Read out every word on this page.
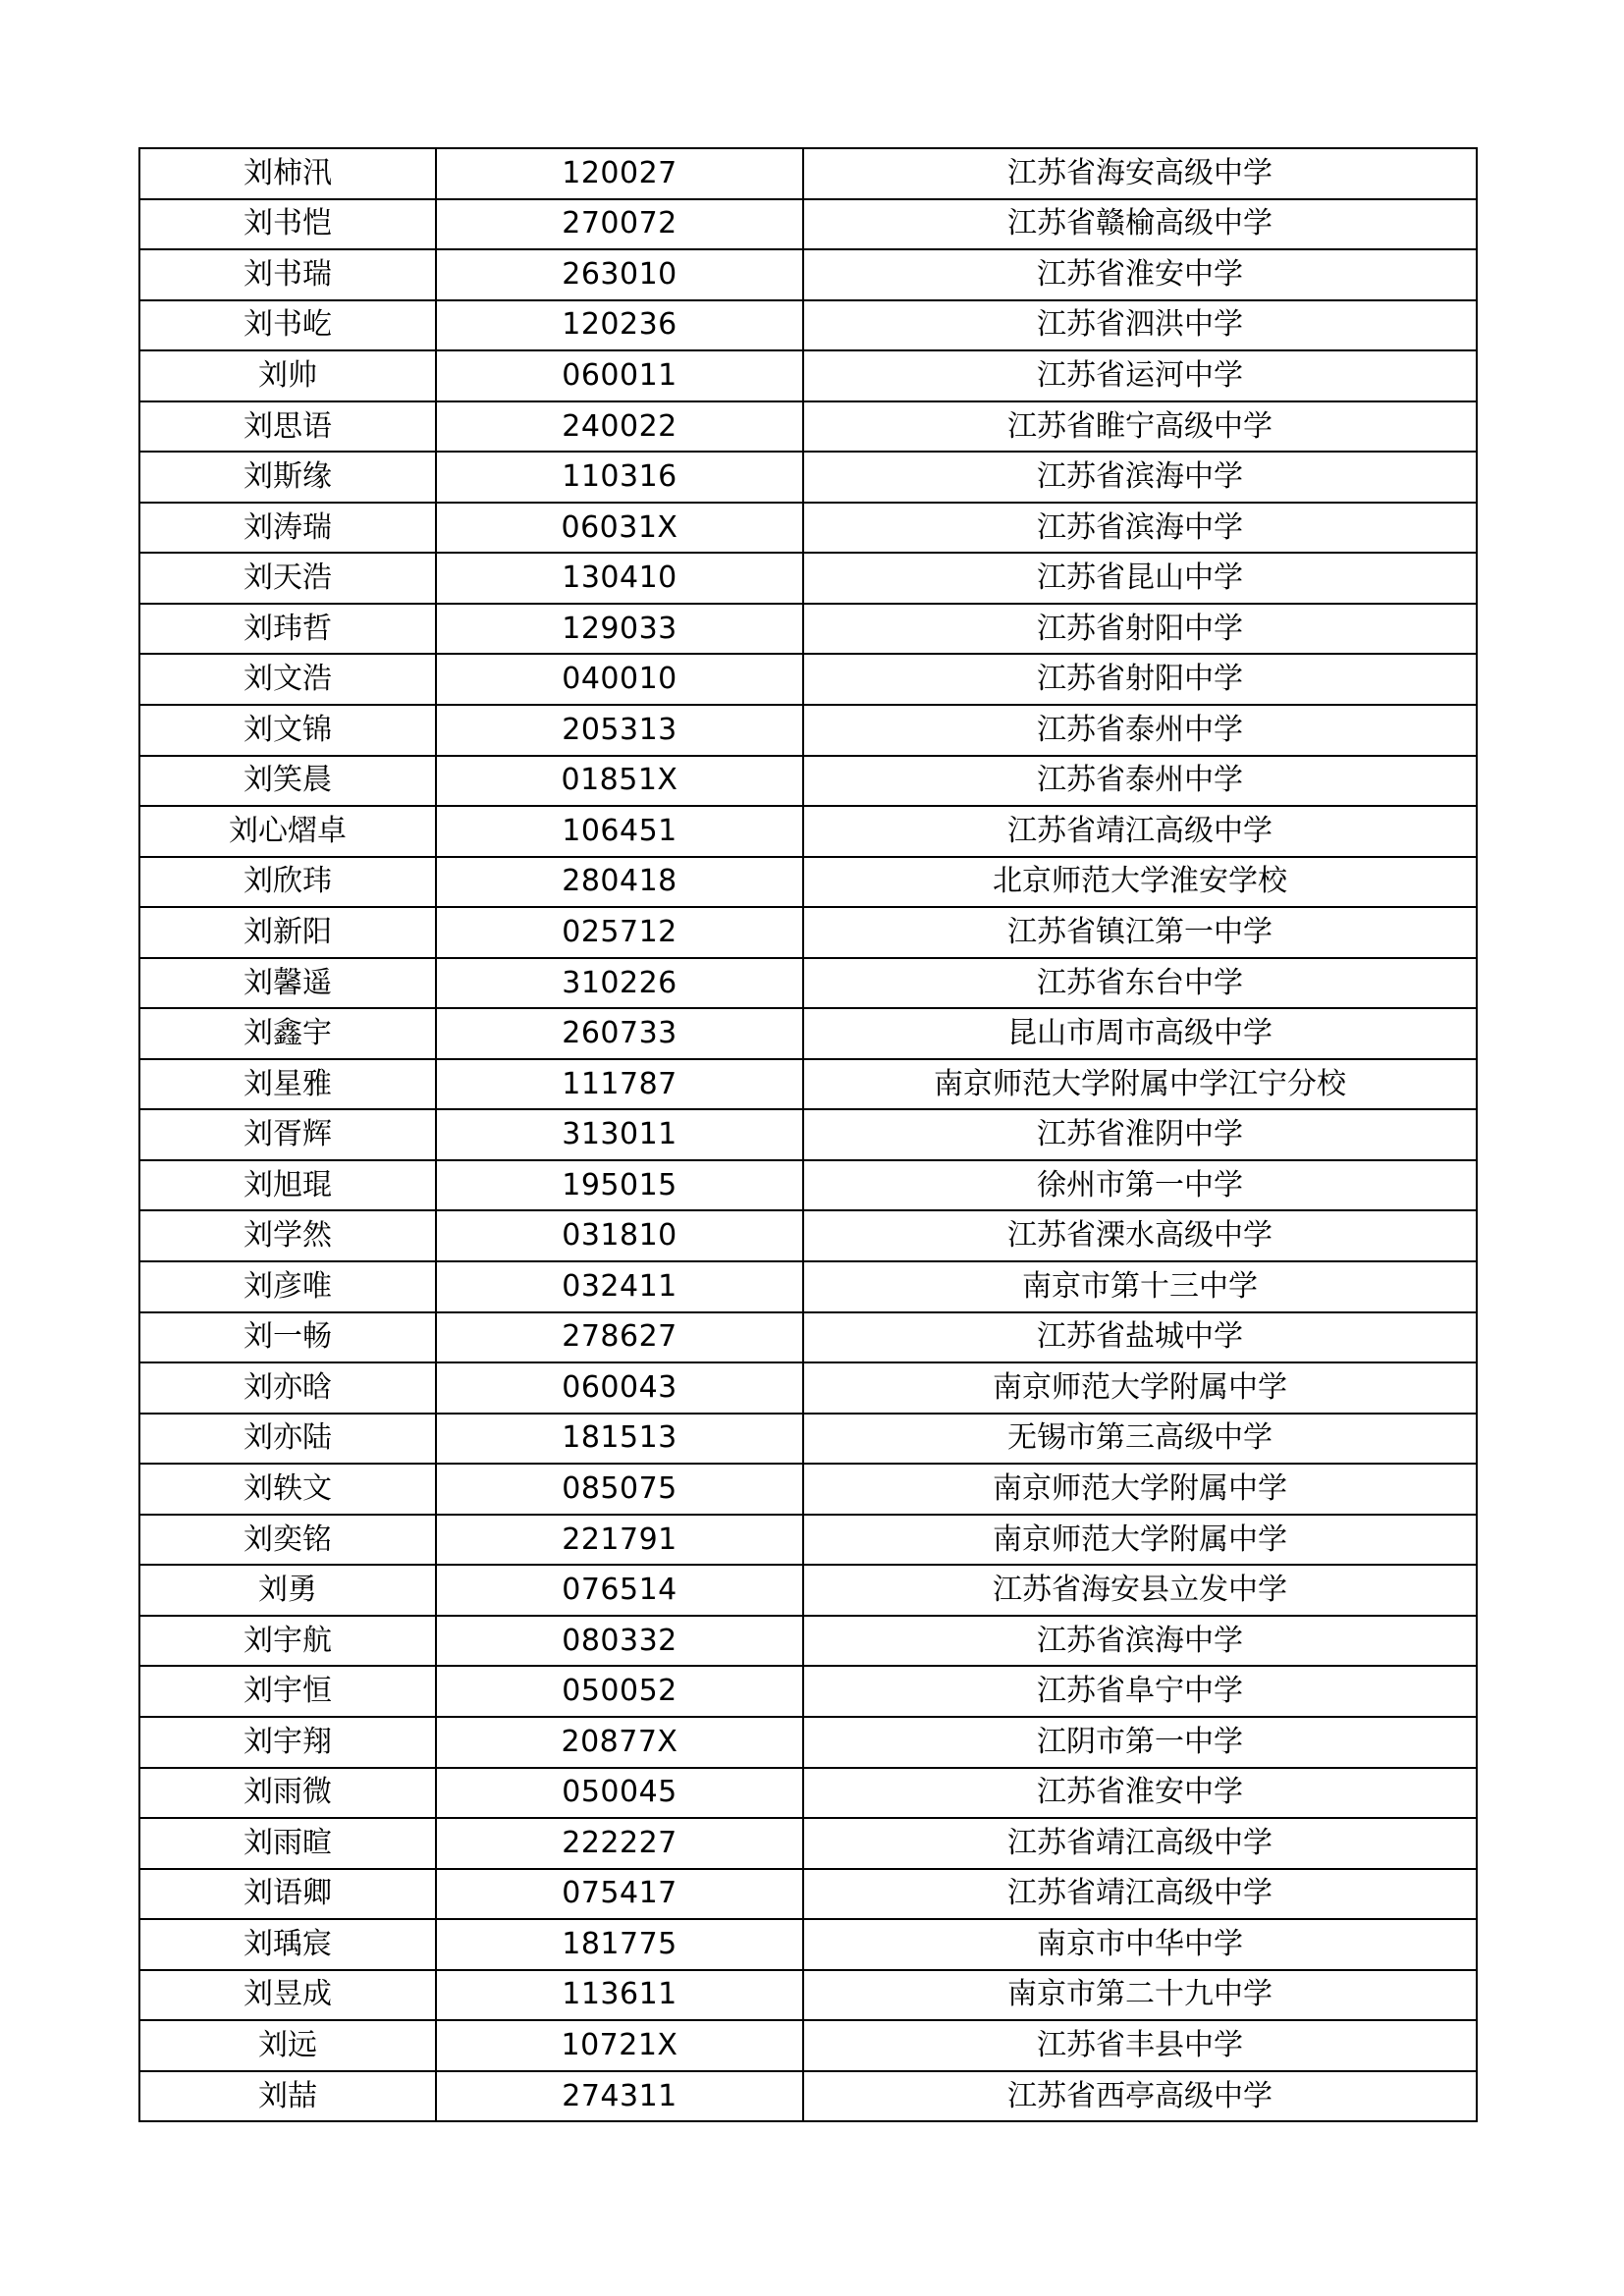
刘柿汛	120027	江苏省海安高级中学
刘书恺	270072	江苏省赣榆高级中学
刘书瑞	263010	江苏省淮安中学
刘书屹	120236	江苏省泗洪中学
刘帅	060011	江苏省运河中学
刘思语	240022	江苏省睢宁高级中学
刘斯缘	110316	江苏省滨海中学
刘涛瑞	06031X	江苏省滨海中学
刘天浩	130410	江苏省昆山中学
刘玮哲	129033	江苏省射阳中学
刘文浩	040010	江苏省射阳中学
刘文锦	205313	江苏省泰州中学
刘笑晨	01851X	江苏省泰州中学
刘心熠卓	106451	江苏省靖江高级中学
刘欣玮	280418	北京师范大学淮安学校
刘新阳	025712	江苏省镇江第一中学
刘馨遥	310226	江苏省东台中学
刘鑫宇	260733	昆山市周市高级中学
刘星雅	111787	南京师范大学附属中学江宁分校
刘胥辉	313011	江苏省淮阴中学
刘旭琨	195015	徐州市第一中学
刘学然	031810	江苏省溧水高级中学
刘彦唯	032411	南京市第十三中学
刘一畅	278627	江苏省盐城中学
刘亦晗	060043	南京师范大学附属中学
刘亦陆	181513	无锡市第三高级中学
刘轶文	085075	南京师范大学附属中学
刘奕铭	221791	南京师范大学附属中学
刘勇	076514	江苏省海安县立发中学
刘宇航	080332	江苏省滨海中学
刘宇恒	050052	江苏省阜宁中学
刘宇翔	20877X	江阴市第一中学
刘雨微	050045	江苏省淮安中学
刘雨暄	222227	江苏省靖江高级中学
刘语卿	075417	江苏省靖江高级中学
刘瑀宸	181775	南京市中华中学
刘昱成	113611	南京市第二十九中学
刘远	10721X	江苏省丰县中学
刘喆	274311	江苏省西亭高级中学
